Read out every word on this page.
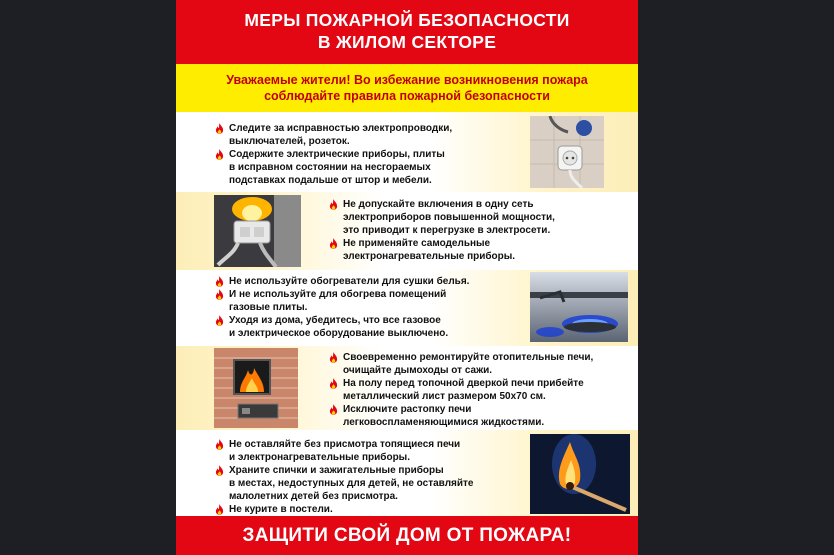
МЕРЫ ПОЖАРНОЙ БЕЗОПАСНОСТИ
В ЖИЛОМ СЕКТОРЕ
Уважаемые жители! Во избежание возникновения пожара
соблюдайте правила пожарной безопасности
Следите за исправностью электропроводки,
выключателей, розеток.
Содержите электрические приборы, плиты
в исправном состоянии на несгораемых
подставках подальше от штор и мебели.
Не допускайте включения в одну сеть
электроприборов повышенной мощности,
это приводит к перегрузке в электросети.
Не применяйте самодельные
электронагревательные приборы.
Не используйте обогреватели для сушки белья.
И не используйте для обогрева помещений
газовые плиты.
Уходя из дома, убедитесь, что все газовое
и электрическое оборудование выключено.
Своевременно ремонтируйте отопительные печи,
очищайте дымоходы от сажи.
На полу перед топочной дверкой печи прибейте
металлический лист размером 50х70 см.
Исключите растопку печи
легковоспламеняющимися жидкостями.
Не оставляйте без присмотра топящиеся печи
и электронагревательные приборы.
Храните спички и зажигательные приборы
в местах, недоступных для детей, не оставляйте
малолетних детей без присмотра.
Не курите в постели.
ЗАЩИТИ СВОЙ ДОМ ОТ ПОЖАРА!
